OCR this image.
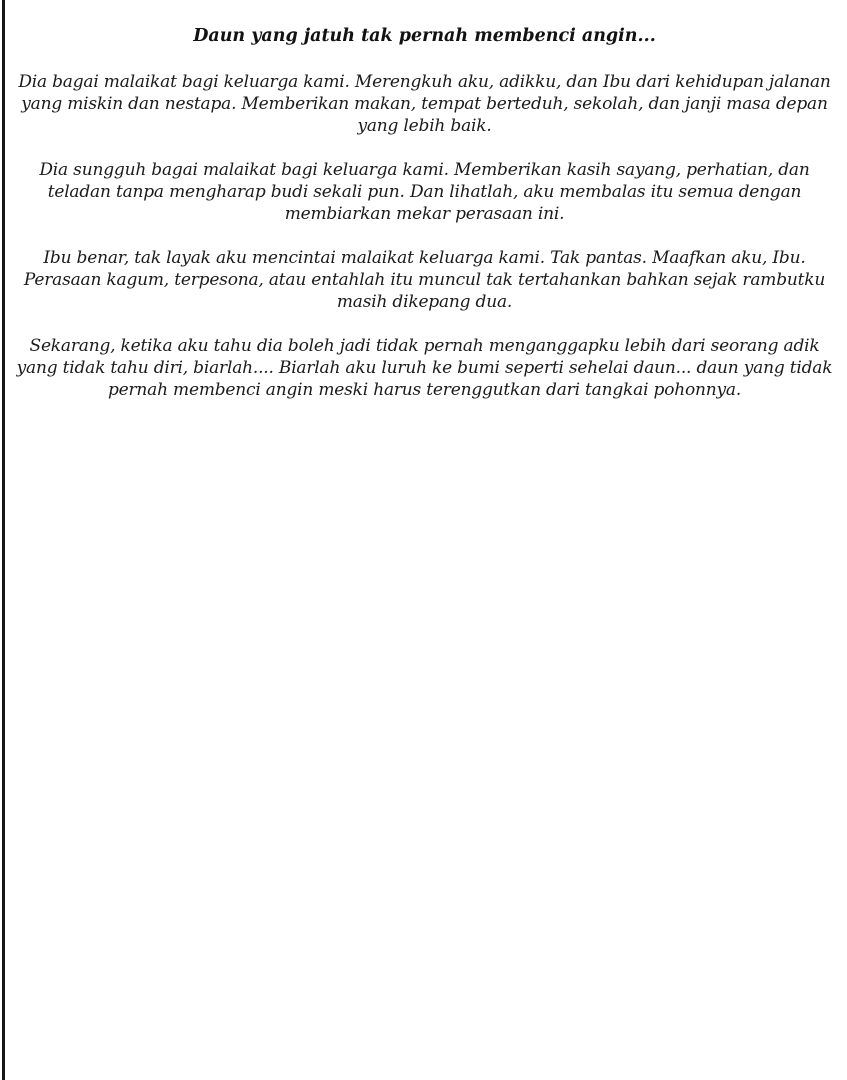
Daun yang jatuh tak pernah membenci angin...

Dia bagai malaikat bagi keluarga kami. Merengkuh aku, adikku, dan Ibu dari kehidupan jalanan yang miskin dan nestapa. Memberikan makan, tempat berteduh, sekolah, dan janji masa depan yang lebih baik.

Dia sungguh bagai malaikat bagi keluarga kami. Memberikan kasih sayang, perhatian, dan teladan tanpa mengharap budi sekali pun. Dan lihatlah, aku membalas itu semua dengan membiarkan mekar perasaan ini.

Ibu benar, tak layak aku mencintai malaikat keluarga kami. Tak pantas. Maafkan aku, Ibu. Perasaan kagum, terpesona, atau entahlah itu muncul tak tertahankan bahkan sejak rambutku masih dikepang dua.

Sekarang, ketika aku tahu dia boleh jadi tidak pernah menganggapku lebih dari seorang adik yang tidak tahu diri, biarlah.... Biarlah aku luruh ke bumi seperti sehelai daun... daun yang tidak pernah membenci angin meski harus terenggutkan dari tangkai pohonnya.
